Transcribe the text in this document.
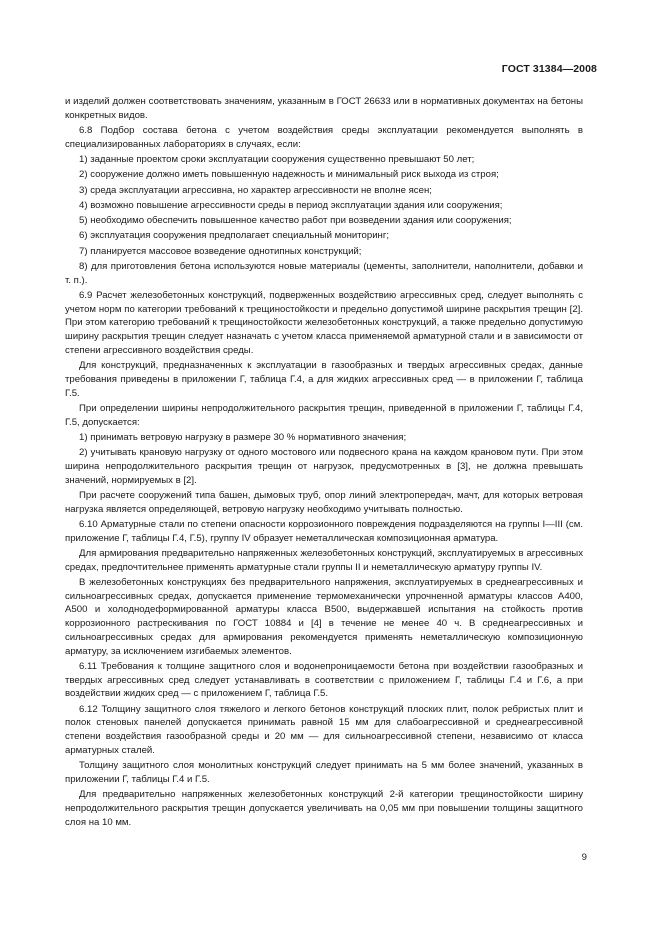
ГОСТ 31384—2008

и изделий должен соответствовать значениям, указанным в ГОСТ 26633 или в нормативных документах на бетоны конкретных видов.

6.8 Подбор состава бетона с учетом воздействия среды эксплуатации рекомендуется выполнять в специализированных лабораториях в случаях, если:

1) заданные проектом сроки эксплуатации сооружения существенно превышают 50 лет;

2) сооружение должно иметь повышенную надежность и минимальный риск выхода из строя;

3) среда эксплуатации агрессивна, но характер агрессивности не вполне ясен;

4) возможно повышение агрессивности среды в период эксплуатации здания или сооружения;

5) необходимо обеспечить повышенное качество работ при возведении здания или сооружения;

6) эксплуатация сооружения предполагает специальный мониторинг;

7) планируется массовое возведение однотипных конструкций;

8) для приготовления бетона используются новые материалы (цементы, заполнители, наполнители, добавки и т. п.).

6.9 Расчет железобетонных конструкций, подверженных воздействию агрессивных сред, следует выполнять с учетом норм по категории требований к трещиностойкости и предельно допустимой ширине раскрытия трещин [2]. При этом категорию требований к трещиностойкости железобетонных конструкций, а также предельно допустимую ширину раскрытия трещин следует назначать с учетом класса применяемой арматурной стали и в зависимости от степени агрессивного воздействия среды.

Для конструкций, предназначенных к эксплуатации в газообразных и твердых агрессивных средах, данные требования приведены в приложении Г, таблица Г.4, а для жидких агрессивных сред — в приложении Г, таблица Г.5.

При определении ширины непродолжительного раскрытия трещин, приведенной в приложении Г, таблицы Г.4, Г.5, допускается:

1) принимать ветровую нагрузку в размере 30 % нормативного значения;

2) учитывать крановую нагрузку от одного мостового или подвесного крана на каждом крановом пути. При этом ширина непродолжительного раскрытия трещин от нагрузок, предусмотренных в [3], не должна превышать значений, нормируемых в [2].

При расчете сооружений типа башен, дымовых труб, опор линий электропередач, мачт, для которых ветровая нагрузка является определяющей, ветровую нагрузку необходимо учитывать полностью.

6.10 Арматурные стали по степени опасности коррозионного повреждения подразделяются на группы I—III (см. приложение Г, таблицы Г.4, Г.5), группу IV образует неметаллическая композиционная арматура.

Для армирования предварительно напряженных железобетонных конструкций, эксплуатируемых в агрессивных средах, предпочтительнее применять арматурные стали группы II и неметаллическую арматуру группы IV.

В железобетонных конструкциях без предварительного напряжения, эксплуатируемых в среднеагрессивных и сильноагрессивных средах, допускается применение термомеханически упрочненной арматуры классов А400, А500 и холоднодеформированной арматуры класса В500, выдержавшей испытания на стойкость против коррозионного растрескивания по ГОСТ 10884 и [4] в течение не менее 40 ч. В среднеагрессивных и сильноагрессивных средах для армирования рекомендуется применять неметаллическую композиционную арматуру, за исключением изгибаемых элементов.

6.11 Требования к толщине защитного слоя и водонепроницаемости бетона при воздействии газообразных и твердых агрессивных сред следует устанавливать в соответствии с приложением Г, таблицы Г.4 и Г.6, а при воздействии жидких сред — с приложением Г, таблица Г.5.

6.12 Толщину защитного слоя тяжелого и легкого бетонов конструкций плоских плит, полок ребристых плит и полок стеновых панелей допускается принимать равной 15 мм для слабоагрессивной и среднеагрессивной степени воздействия газообразной среды и 20 мм — для сильноагрессивной степени, независимо от класса арматурных сталей.

Толщину защитного слоя монолитных конструкций следует принимать на 5 мм более значений, указанных в приложении Г, таблицы Г.4 и Г.5.

Для предварительно напряженных железобетонных конструкций 2-й категории трещиностойкости ширину непродолжительного раскрытия трещин допускается увеличивать на 0,05 мм при повышении толщины защитного слоя на 10 мм.

9
